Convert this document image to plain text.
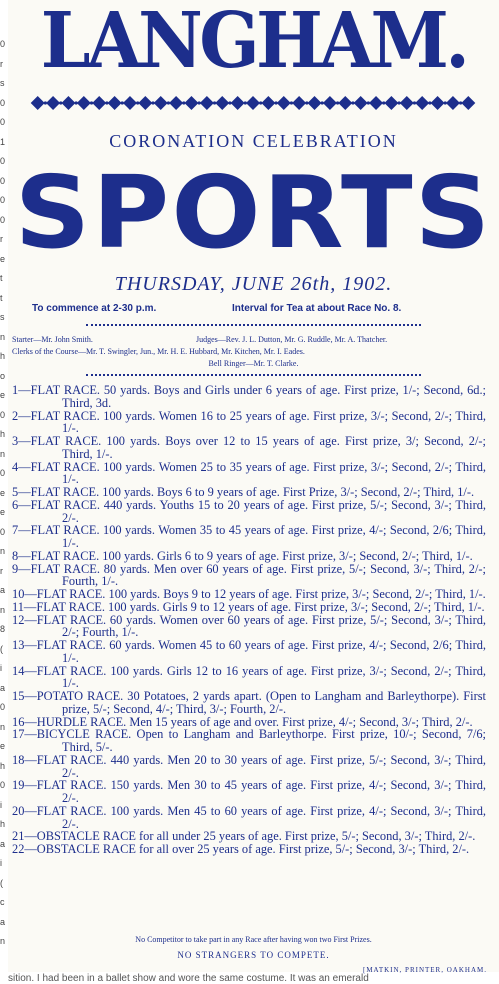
0
r
s
0
0
1
0
0
0
0
r
e
t
t
s
n
h
o
e
0
h
n
0
e
e
0
n
r
a
n
8
(
i
a
0
n
e
h
0
i
h
a
i
(
c
a
n
LANGHAM.
CORONATION CELEBRATION
SPORTS
THURSDAY, JUNE 26th, 1902.
To commence at 2-30 p.m.	Interval for Tea at about Race No. 8.
Starter—Mr. John Smith.	Judges—Rev. J. L. Dutton, Mr. G. Ruddle, Mr. A. Thatcher.
Clerks of the Course—Mr. T. Swingler, Jun., Mr. H. E. Hubbard, Mr. Kitchen, Mr. I. Eades.
Bell Ringer—Mr. T. Clarke.
1—FLAT RACE. 50 yards. Boys and Girls under 6 years of age. First prize, 1/-; Second, 6d.; Third, 3d.
2—FLAT RACE. 100 yards. Women 16 to 25 years of age. First prize, 3/-; Second, 2/-; Third, 1/-.
3—FLAT RACE. 100 yards. Boys over 12 to 15 years of age. First prize, 3/; Second, 2/-; Third, 1/-.
4—FLAT RACE. 100 yards. Women 25 to 35 years of age. First prize, 3/-; Second, 2/-; Third, 1/-.
5—FLAT RACE. 100 yards. Boys 6 to 9 years of age. First Prize, 3/-; Second, 2/-; Third, 1/-.
6—FLAT RACE. 440 yards. Youths 15 to 20 years of age. First prize, 5/-; Second, 3/-; Third, 2/-.
7—FLAT RACE. 100 yards. Women 35 to 45 years of age. First prize, 4/-; Second, 2/6; Third, 1/-.
8—FLAT RACE. 100 yards. Girls 6 to 9 years of age. First prize, 3/-; Second, 2/-; Third, 1/-.
9—FLAT RACE. 80 yards. Men over 60 years of age. First prize, 5/-; Second, 3/-; Third, 2/-; Fourth, 1/-.
10—FLAT RACE. 100 yards. Boys 9 to 12 years of age. First prize, 3/-; Second, 2/-; Third, 1/-.
11—FLAT RACE. 100 yards. Girls 9 to 12 years of age. First prize, 3/-; Second, 2/-; Third, 1/-.
12—FLAT RACE. 60 yards. Women over 60 years of age. First prize, 5/-; Second, 3/-; Third, 2/-; Fourth, 1/-.
13—FLAT RACE. 60 yards. Women 45 to 60 years of age. First prize, 4/-; Second, 2/6; Third, 1/-.
14—FLAT RACE. 100 yards. Girls 12 to 16 years of age. First prize, 3/-; Second, 2/-; Third, 1/-.
15—POTATO RACE. 30 Potatoes, 2 yards apart. (Open to Langham and Barleythorpe). First prize, 5/-; Second, 4/-; Third, 3/-; Fourth, 2/-.
16—HURDLE RACE. Men 15 years of age and over. First prize, 4/-; Second, 3/-; Third, 2/-.
17—BICYCLE RACE. Open to Langham and Barleythorpe. First prize, 10/-; Second, 7/6; Third, 5/-.
18—FLAT RACE. 440 yards. Men 20 to 30 years of age. First prize, 5/-; Second, 3/-; Third, 2/-.
19—FLAT RACE. 150 yards. Men 30 to 45 years of age. First prize, 4/-; Second, 3/-; Third, 2/-.
20—FLAT RACE. 100 yards. Men 45 to 60 years of age. First prize, 4/-; Second, 3/-; Third, 2/-.
21—OBSTACLE RACE for all under 25 years of age. First prize, 5/-; Second, 3/-; Third, 2/-.
22—OBSTACLE RACE for all over 25 years of age. First prize, 5/-; Second, 3/-; Third, 2/-.
No Competitor to take part in any Race after having won two First Prizes.
NO STRANGERS TO COMPETE.
[MATKIN, PRINTER, OAKHAM.
sition. I had been in a ballet show and wore the same costume. It was an emerald
